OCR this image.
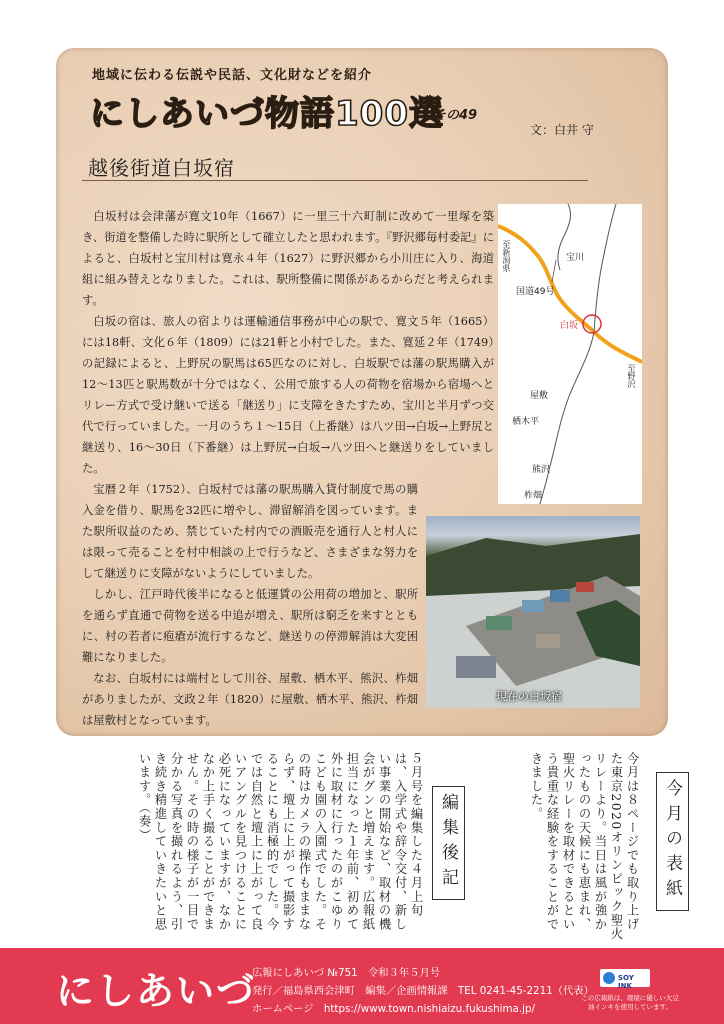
地域に伝わる伝説や民話、文化財などを紹介
にしあいづ物語100選
その49
文：白井 守
越後街道白坂宿

白坂村は会津藩が寛文10年（1667）に一里三十六町制に改めて一里塚を築き、街道を整備した時に駅所として確立したと思われます。『野沢郷毎村委記』によると、白坂村と宝川村は寛永４年（1627）に野沢郷から小川庄に入り、海道組に組み替えとなりました。これは、駅所整備に関係があるからだと考えられます。

白坂の宿は、旅人の宿よりは運輸通信事務が中心の駅で、寛文５年（1665）には18軒、文化６年（1809）には21軒と小村でした。また、寛延２年（1749）の記録によると、上野尻の駅馬は65匹なのに対し、白坂駅では藩の駅馬購入が12～13匹と駅馬数が十分ではなく、公用で旅する人の荷物を宿場から宿場へとリレー方式で受け継いで送る「継送り」に支障をきたすため、宝川と半月ずつ交代で行っていました。一月のうち１～15日（上番継）は八ツ田→白坂→上野尻と継送り、16～30日（下番継）は上野尻→白坂→八ツ田へと継送りをしていました。

宝暦２年（1752）、白坂村では藩の駅馬購入貸付制度で馬の購入金を借り、駅馬を32匹に増やし、滞留解消を図っています。また駅所収益のため、禁じていた村内での酒販売を通行人と村人には限って売ることを村中相談の上で行うなど、さまざまな努力をして継送りに支障がないようにしていました。

しかし、江戸時代後半になると低運賃の公用荷の増加と、駅所を通らず直通で荷物を送る中追が増え、駅所は窮乏を来すとともに、村の若者に疱瘡が流行するなど、継送りの停滞解消は大変困難になりました。

なお、白坂村には端村として川谷、屋敷、栖木平、熊沢、柞畑がありましたが、文政２年（1820）に屋敷、栖木平、熊沢、柞畑は屋敷村となっています。

至新潟県	宝川
国道49号
白坂
至野沢
屋敷
栖木平
熊沢
柞畑
現在の白坂宿
今月の表紙
今月は８ページでも取り上げた東京2020オリンピック聖火リレーより。当日は風が強かったものの天候にも恵まれ、聖火リレーを取材できるという貴重な経験をすることができました。
編集後記
５月号を編集した４月上旬は、入学式や辞令交付、新しい事業の開始など、取材の機会がグンと増えます。広報紙担当になった１年前、初めて外に取材に行ったのがこゆりこども園の入園式でした。その時はカメラの操作もままならず、壇上に上がって撮影することにも消極的でした。今では自然と壇上に上がって良いアングルを見つけることに必死になっていますが、なかなか上手く撮ることができません。その時の様子が一目で分かる写真を撮れるよう、引き続き精進していきたいと思います。（奏）
にしあいづ
広報にしあいづ №751　令和３年５月号
発行／福島県西会津町　編集／企画情報課　TEL 0241-45-2211（代表）
ホームページ　https://www.town.nishiaizu.fukushima.jp/
SOY INK
この広報紙は、環境に優しい大豆油インキを使用しています。
